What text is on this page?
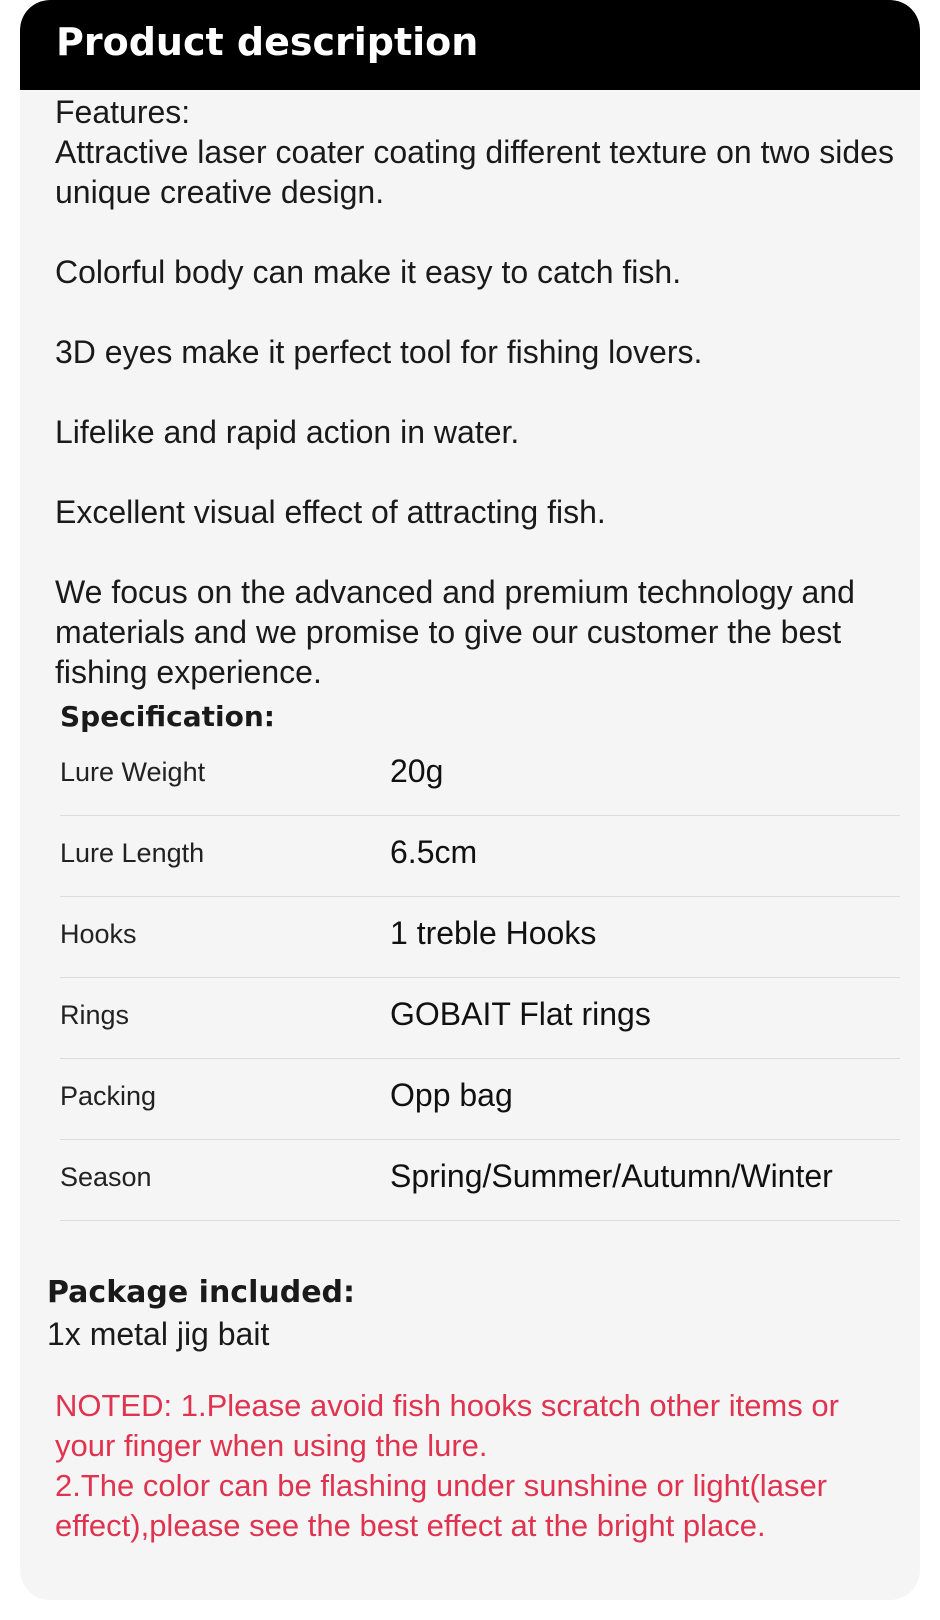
Product description
Features:
Attractive laser coater coating different texture on two sides unique creative design.
Colorful body can make it easy to catch fish.
3D eyes make it perfect tool for fishing lovers.
Lifelike and rapid action in water.
Excellent visual effect of attracting fish.
We focus on the advanced and premium technology and materials and we promise to give our customer the best fishing experience.
Specification:
Lure Weight	20g
Lure Length	6.5cm
Hooks	1 treble Hooks
Rings	GOBAIT Flat rings
Packing	Opp bag
Season	Spring/Summer/Autumn/Winter
Package included:
1x metal jig bait
NOTED: 1.Please avoid fish hooks scratch other items or your finger when using the lure.
2.The color can be flashing under sunshine or light(laser effect),please see the best effect at the bright place.
